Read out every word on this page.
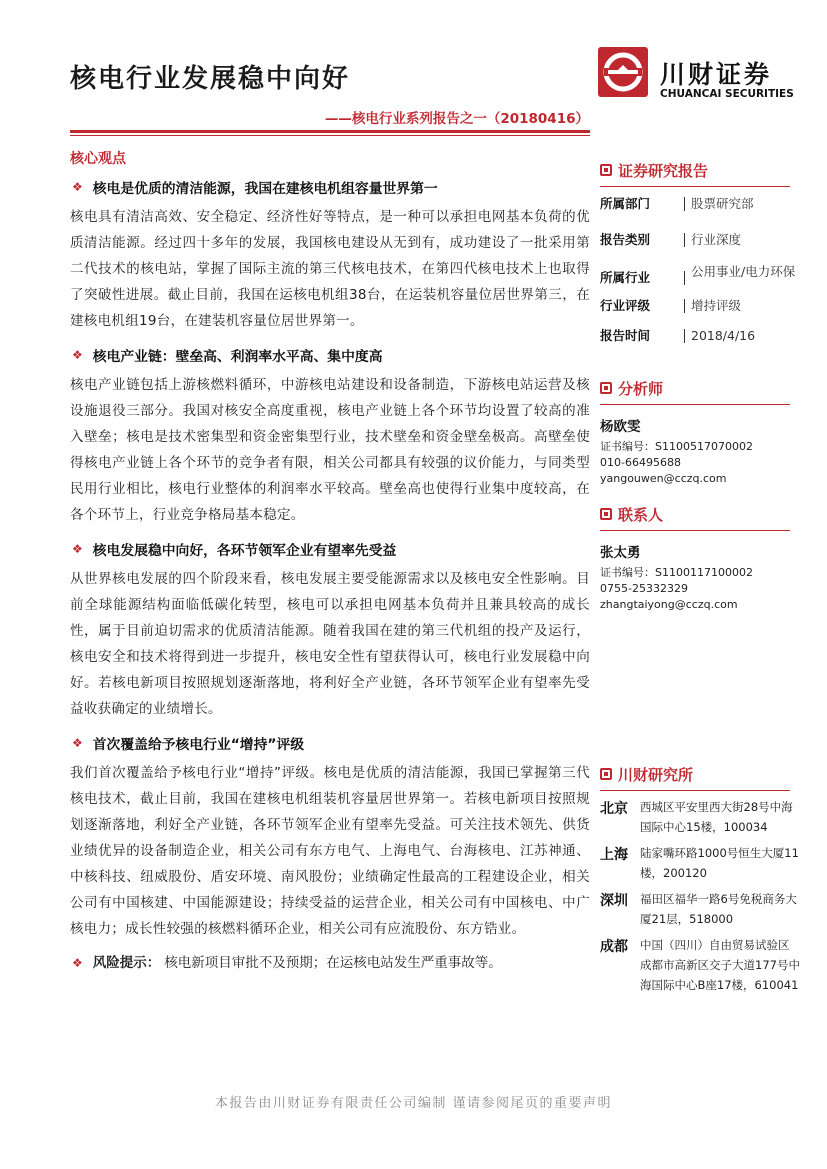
核电行业发展稳中向好
——核电行业系列报告之一（20180416）
川财证券
CHUANCAI SECURITIES
核心观点
❖ 核电是优质的清洁能源，我国在建核电机组容量世界第一

核电具有清洁高效、安全稳定、经济性好等特点，是一种可以承担电网基本负荷的优质清洁能源。经过四十多年的发展，我国核电建设从无到有，成功建设了一批采用第二代技术的核电站，掌握了国际主流的第三代核电技术，在第四代核电技术上也取得了突破性进展。截止目前，我国在运核电机组38台，在运装机容量位居世界第三，在建核电机组19台，在建装机容量位居世界第一。

❖ 核电产业链：壁垒高、利润率水平高、集中度高

核电产业链包括上游核燃料循环，中游核电站建设和设备制造，下游核电站运营及核设施退役三部分。我国对核安全高度重视，核电产业链上各个环节均设置了较高的准入壁垒；核电是技术密集型和资金密集型行业，技术壁垒和资金壁垒极高。高壁垒使得核电产业链上各个环节的竞争者有限，相关公司都具有较强的议价能力，与同类型民用行业相比，核电行业整体的利润率水平较高。壁垒高也使得行业集中度较高，在各个环节上，行业竞争格局基本稳定。

❖ 核电发展稳中向好，各环节领军企业有望率先受益

从世界核电发展的四个阶段来看，核电发展主要受能源需求以及核电安全性影响。目前全球能源结构面临低碳化转型，核电可以承担电网基本负荷并且兼具较高的成长性，属于目前迫切需求的优质清洁能源。随着我国在建的第三代机组的投产及运行，核电安全和技术将得到进一步提升，核电安全性有望获得认可，核电行业发展稳中向好。若核电新项目按照规划逐渐落地，将利好全产业链，各环节领军企业有望率先受益收获确定的业绩增长。

❖ 首次覆盖给予核电行业“增持”评级

我们首次覆盖给予核电行业“增持”评级。核电是优质的清洁能源，我国已掌握第三代核电技术，截止目前，我国在建核电机组装机容量居世界第一。若核电新项目按照规划逐渐落地，利好全产业链，各环节领军企业有望率先受益。可关注技术领先、供货业绩优异的设备制造企业，相关公司有东方电气、上海电气、台海核电、江苏神通、中核科技、纽威股份、盾安环境、南风股份；业绩确定性最高的工程建设企业，相关公司有中国核建、中国能源建设；持续受益的运营企业，相关公司有中国核电、中广核电力；成长性较强的核燃料循环企业，相关公司有应流股份、东方锆业。

❖ 风险提示： 核电新项目审批不及预期；在运核电站发生严重事故等。
证券研究报告
所属部门	股票研究部
报告类别	行业深度
所属行业	公用事业/电力环保
行业评级	增持评级
报告时间	2018/4/16
分析师
杨欧雯
证书编号：S1100517070002
010-66495688
yangouwen@cczq.com
联系人
张太勇
证书编号：S1100117100002
0755-25332329
zhangtaiyong@cczq.com
川财研究所
北京	西城区平安里西大街28号中海国际中心15楼，100034
上海	陆家嘴环路1000号恒生大厦11楼，200120
深圳	福田区福华一路6号免税商务大厦21层，518000
成都	中国（四川）自由贸易试验区成都市高新区交子大道177号中海国际中心B座17楼，610041
本报告由川财证券有限责任公司编制 谨请参阅尾页的重要声明
